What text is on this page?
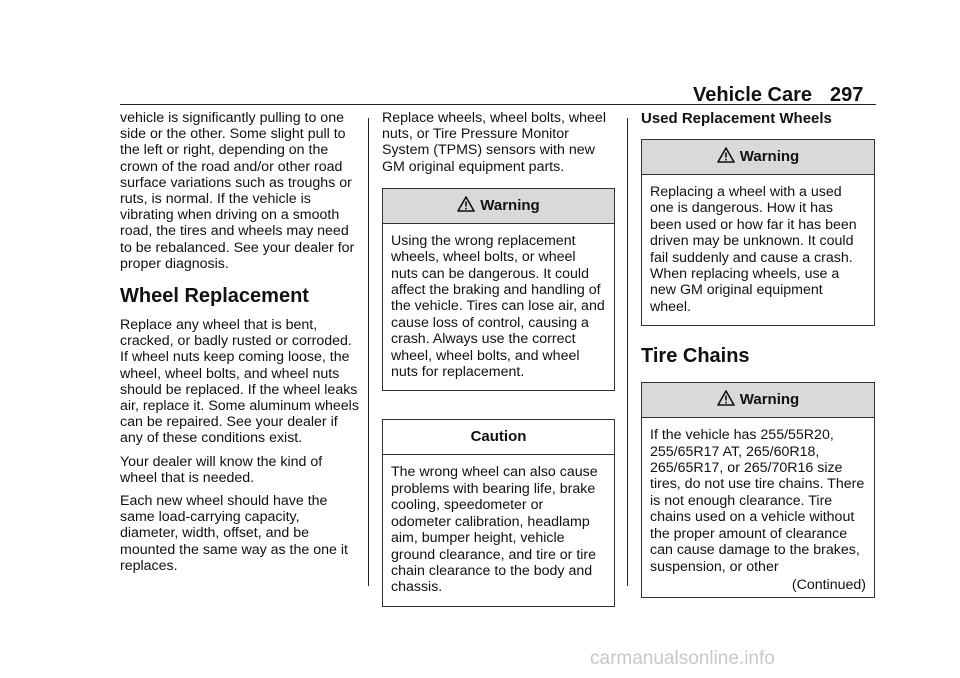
Vehicle Care 297

vehicle is significantly pulling to one side or the other. Some slight pull to the left or right, depending on the crown of the road and/or other road surface variations such as troughs or ruts, is normal. If the vehicle is vibrating when driving on a smooth road, the tires and wheels may need to be rebalanced. See your dealer for proper diagnosis.

Wheel Replacement

Replace any wheel that is bent, cracked, or badly rusted or corroded. If wheel nuts keep coming loose, the wheel, wheel bolts, and wheel nuts should be replaced. If the wheel leaks air, replace it. Some aluminum wheels can be repaired. See your dealer if any of these conditions exist.

Your dealer will know the kind of wheel that is needed.

Each new wheel should have the same load-carrying capacity, diameter, width, offset, and be mounted the same way as the one it replaces.

Replace wheels, wheel bolts, wheel nuts, or Tire Pressure Monitor System (TPMS) sensors with new GM original equipment parts.

Warning
Using the wrong replacement wheels, wheel bolts, or wheel nuts can be dangerous. It could affect the braking and handling of the vehicle. Tires can lose air, and cause loss of control, causing a crash. Always use the correct wheel, wheel bolts, and wheel nuts for replacement.
Caution
The wrong wheel can also cause problems with bearing life, brake cooling, speedometer or odometer calibration, headlamp aim, bumper height, vehicle ground clearance, and tire or tire chain clearance to the body and chassis.
Used Replacement Wheels
Warning
Replacing a wheel with a used one is dangerous. How it has been used or how far it has been driven may be unknown. It could fail suddenly and cause a crash. When replacing wheels, use a new GM original equipment wheel.
Tire Chains
Warning
If the vehicle has 255/55R20, 255/65R17 AT, 265/60R18, 265/65R17, or 265/70R16 size tires, do not use tire chains. There is not enough clearance. Tire chains used on a vehicle without the proper amount of clearance can cause damage to the brakes, suspension, or other
(Continued)
carmanualsonline.info
